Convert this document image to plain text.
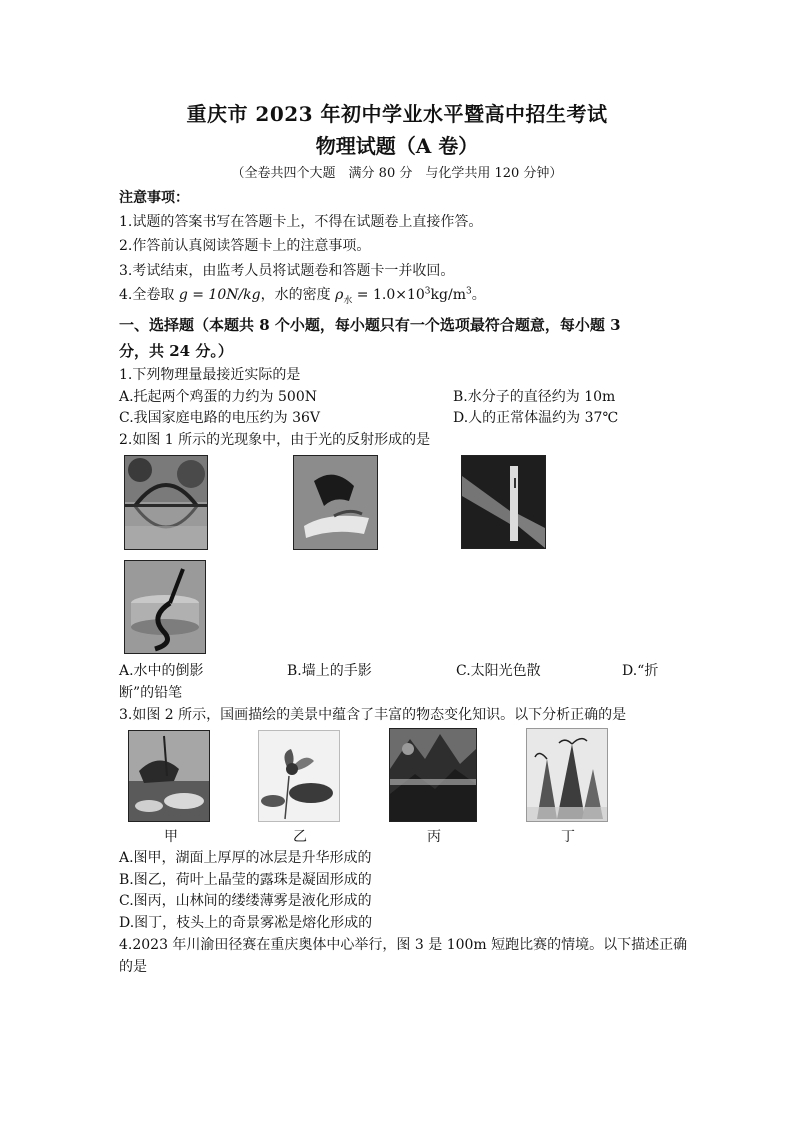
重庆市 2023 年初中学业水平暨高中招生考试
物理试题（A 卷）
（全卷共四个大题　满分 80 分　与化学共用 120 分钟）
注意事项：
1.试题的答案书写在答题卡上，不得在试题卷上直接作答。
2.作答前认真阅读答题卡上的注意事项。
3.考试结束，由监考人员将试题卷和答题卡一并收回。
4.全卷取 g = 10N/kg，水的密度 $\rho_水 = 1.0\times 10^3kg/m^3$。
一、选择题（本题共 8 个小题，每小题只有一个选项最符合题意，每小题 3
分，共 24 分。）
1.下列物理量最接近实际的是
A.托起两个鸡蛋的力约为 500N	B.水分子的直径约为 10m
C.我国家庭电路的电压约为 36V	D.人的正常体温约为 37℃
2.如图 1 所示的光现象中，由于光的反射形成的是
A.水中的倒影	B.墙上的手影	C.太阳光色散	D.“折
断”的铅笔
3.如图 2 所示，国画描绘的美景中蕴含了丰富的物态变化知识。以下分析正确的是
甲	乙	丙	丁
A.图甲，湖面上厚厚的冰层是升华形成的
B.图乙，荷叶上晶莹的露珠是凝固形成的
C.图丙，山林间的缕缕薄雾是液化形成的
D.图丁，枝头上的奇景雾凇是熔化形成的
4.2023 年川渝田径赛在重庆奥体中心举行，图 3 是 100m 短跑比赛的情境。以下描述正确
的是
